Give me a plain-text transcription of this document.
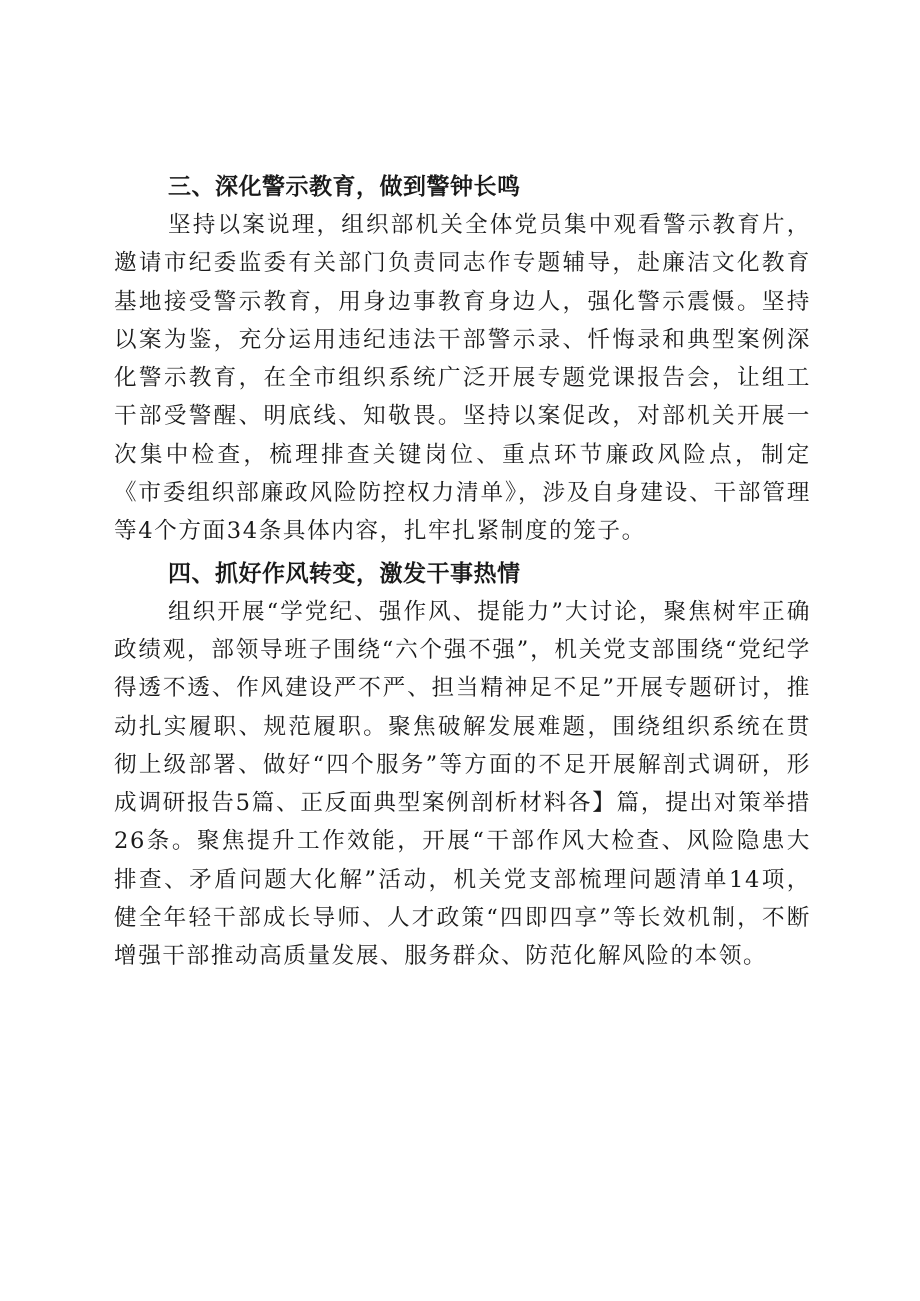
三、深化警示教育，做到警钟长鸣

坚持以案说理，组织部机关全体党员集中观看警示教育片，邀请市纪委监委有关部门负责同志作专题辅导，赴廉洁文化教育基地接受警示教育，用身边事教育身边人，强化警示震慑。坚持以案为鉴，充分运用违纪违法干部警示录、忏悔录和典型案例深化警示教育，在全市组织系统广泛开展专题党课报告会，让组工干部受警醒、明底线、知敬畏。坚持以案促改，对部机关开展一次集中检查，梳理排查关键岗位、重点环节廉政风险点，制定《市委组织部廉政风险防控权力清单》，涉及自身建设、干部管理等4个方面34条具体内容，扎牢扎紧制度的笼子。

四、抓好作风转变，激发干事热情

组织开展“学党纪、强作风、提能力”大讨论，聚焦树牢正确政绩观，部领导班子围绕“六个强不强”，机关党支部围绕“党纪学得透不透、作风建设严不严、担当精神足不足”开展专题研讨，推动扎实履职、规范履职。聚焦破解发展难题，围绕组织系统在贯彻上级部署、做好“四个服务”等方面的不足开展解剖式调研，形成调研报告5篇、正反面典型案例剖析材料各】篇，提出对策举措26条。聚焦提升工作效能，开展“干部作风大检查、风险隐患大排查、矛盾问题大化解”活动，机关党支部梳理问题清单14项，健全年轻干部成长导师、人才政策“四即四享”等长效机制，不断增强干部推动高质量发展、服务群众、防范化解风险的本领。
